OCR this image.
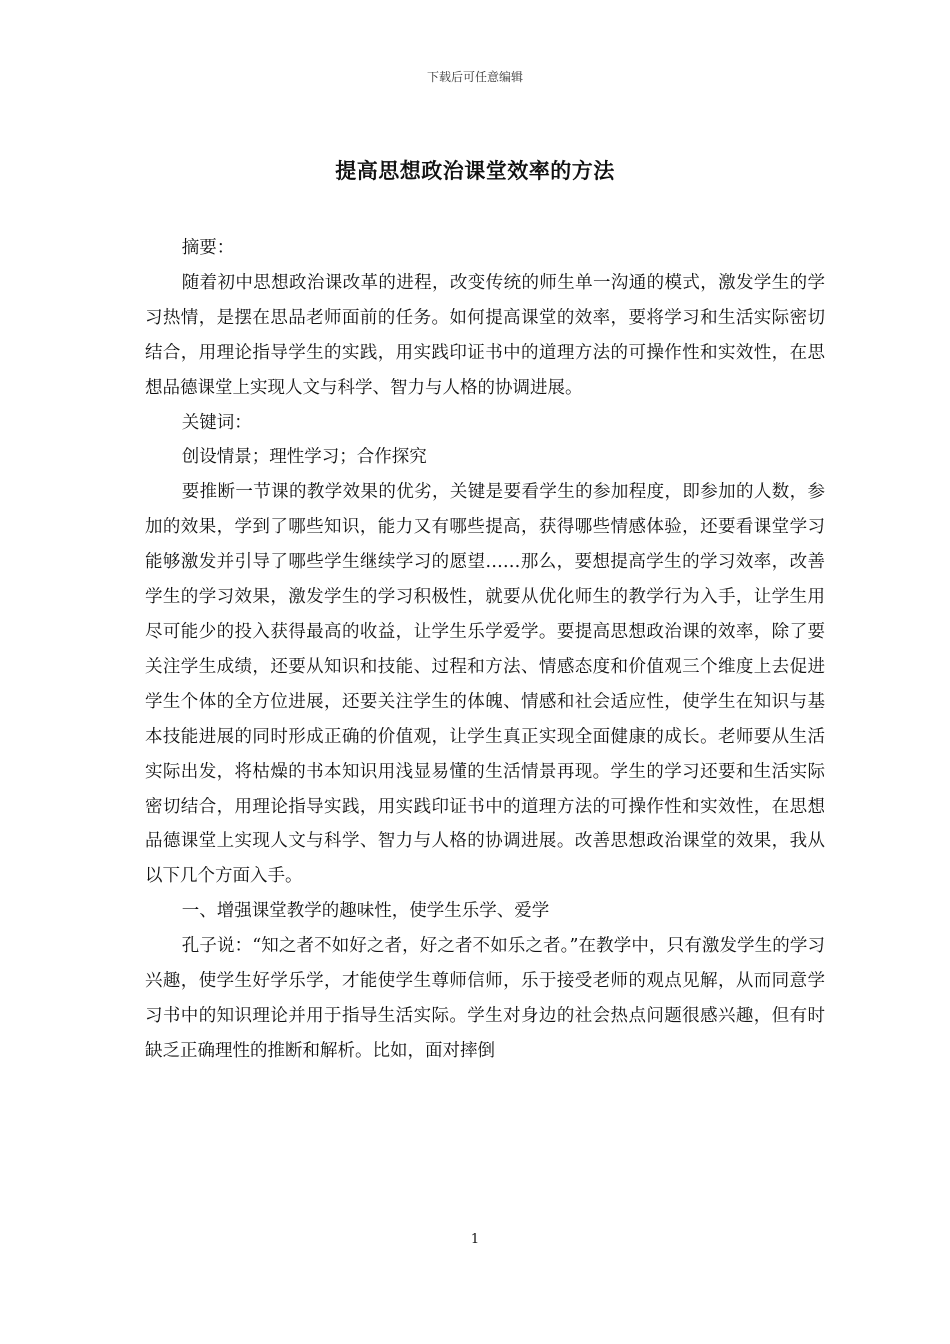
下载后可任意编辑
提高思想政治课堂效率的方法

摘要：

随着初中思想政治课改革的进程，改变传统的师生单一沟通的模式，激发学生的学习热情，是摆在思品老师面前的任务。如何提高课堂的效率，要将学习和生活实际密切结合，用理论指导学生的实践，用实践印证书中的道理方法的可操作性和实效性，在思想品德课堂上实现人文与科学、智力与人格的协调进展。

关键词：

创设情景；理性学习；合作探究

要推断一节课的教学效果的优劣，关键是要看学生的参加程度，即参加的人数，参加的效果，学到了哪些知识，能力又有哪些提高，获得哪些情感体验，还要看课堂学习能够激发并引导了哪些学生继续学习的愿望……那么，要想提高学生的学习效率，改善学生的学习效果，激发学生的学习积极性，就要从优化师生的教学行为入手，让学生用尽可能少的投入获得最高的收益，让学生乐学爱学。要提高思想政治课的效率，除了要关注学生成绩，还要从知识和技能、过程和方法、情感态度和价值观三个维度上去促进学生个体的全方位进展，还要关注学生的体魄、情感和社会适应性，使学生在知识与基本技能进展的同时形成正确的价值观，让学生真正实现全面健康的成长。老师要从生活实际出发，将枯燥的书本知识用浅显易懂的生活情景再现。学生的学习还要和生活实际密切结合，用理论指导实践，用实践印证书中的道理方法的可操作性和实效性，在思想品德课堂上实现人文与科学、智力与人格的协调进展。改善思想政治课堂的效果，我从以下几个方面入手。

一、增强课堂教学的趣味性，使学生乐学、爱学

孔子说：“知之者不如好之者，好之者不如乐之者。”在教学中，只有激发学生的学习兴趣，使学生好学乐学，才能使学生尊师信师，乐于接受老师的观点见解，从而同意学习书中的知识理论并用于指导生活实际。学生对身边的社会热点问题很感兴趣，但有时缺乏正确理性的推断和解析。比如，面对摔倒

1
